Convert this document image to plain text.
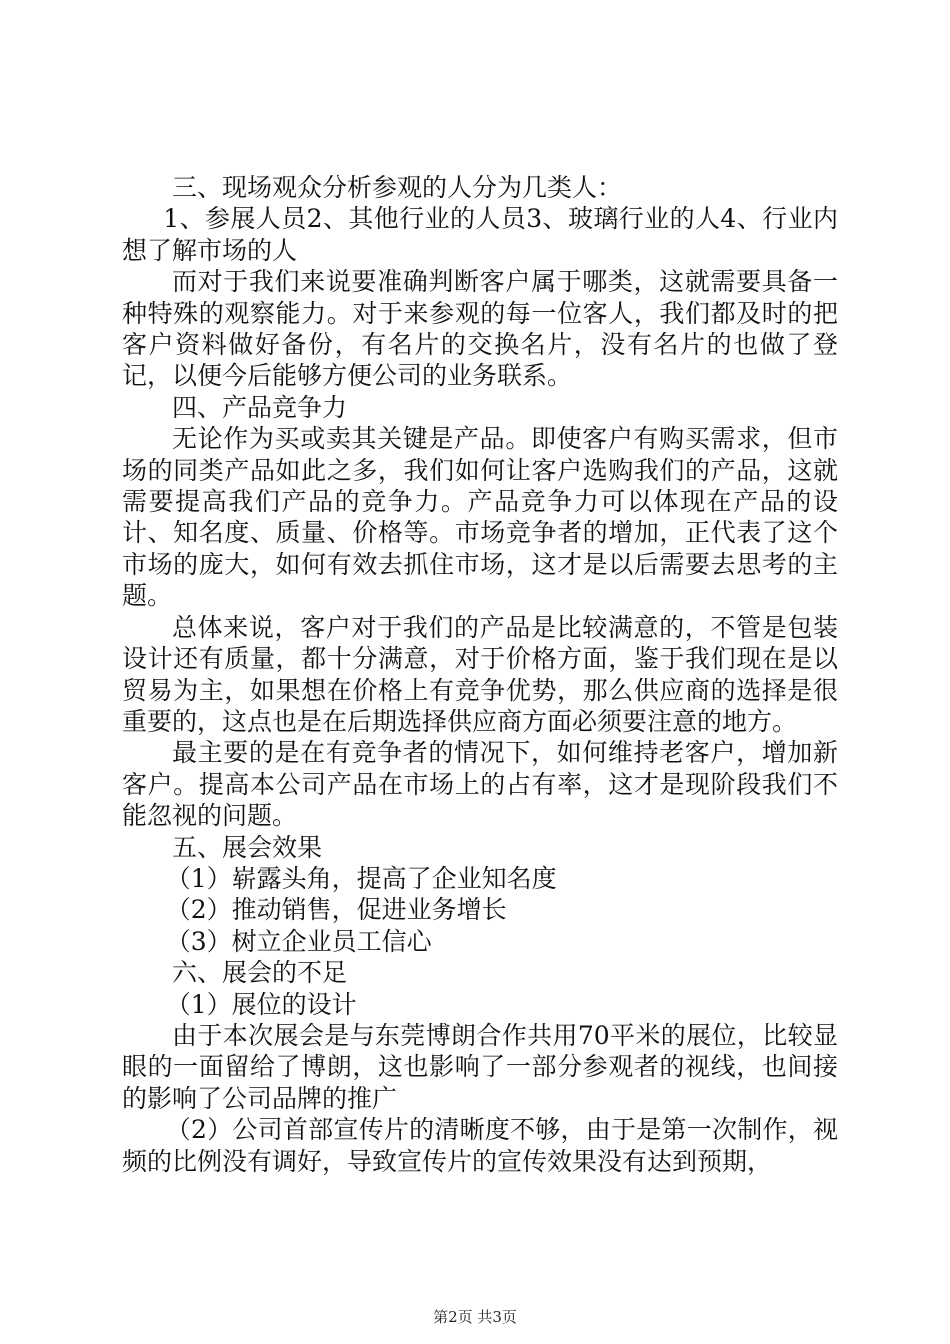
三、现场观众分析参观的人分为几类人：

1、参展人员2、其他行业的人员3、玻璃行业的人4、行业内想了解市场的人

而对于我们来说要准确判断客户属于哪类，这就需要具备一种特殊的观察能力。对于来参观的每一位客人，我们都及时的把客户资料做好备份，有名片的交换名片，没有名片的也做了登记，以便今后能够方便公司的业务联系。

四、产品竞争力

无论作为买或卖其关键是产品。即使客户有购买需求，但市场的同类产品如此之多，我们如何让客户选购我们的产品，这就需要提高我们产品的竞争力。产品竞争力可以体现在产品的设计、知名度、质量、价格等。市场竞争者的增加，正代表了这个市场的庞大，如何有效去抓住市场，这才是以后需要去思考的主题。

总体来说，客户对于我们的产品是比较满意的，不管是包装设计还有质量，都十分满意，对于价格方面，鉴于我们现在是以贸易为主，如果想在价格上有竞争优势，那么供应商的选择是很重要的，这点也是在后期选择供应商方面必须要注意的地方。

最主要的是在有竞争者的情况下，如何维持老客户，增加新客户。提高本公司产品在市场上的占有率，这才是现阶段我们不能忽视的问题。

五、展会效果

（1）崭露头角，提高了企业知名度

（2）推动销售，促进业务增长

（3）树立企业员工信心

六、展会的不足

（1）展位的设计

由于本次展会是与东莞博朗合作共用70平米的展位，比较显眼的一面留给了博朗，这也影响了一部分参观者的视线，也间接的影响了公司品牌的推广

（2）公司首部宣传片的清晰度不够，由于是第一次制作，视频的比例没有调好，导致宣传片的宣传效果没有达到预期，

第2页 共3页
